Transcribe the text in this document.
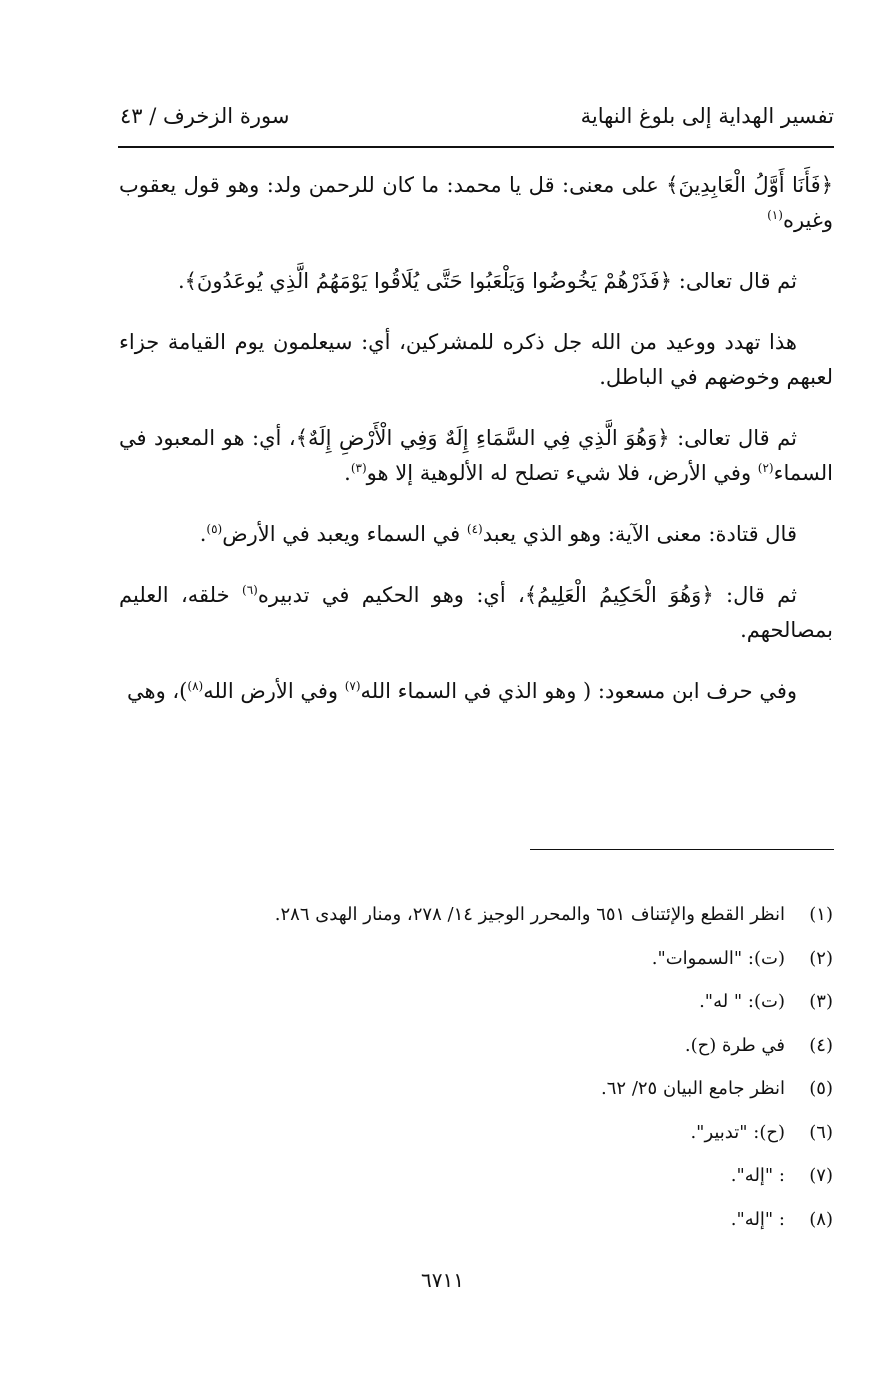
تفسير الهداية إلى بلوغ النهاية
سورة الزخرف / ٤٣

﴿فَأَنَا أَوَّلُ الْعَابِدِينَ﴾ على معنى: قل يا محمد: ما كان للرحمن ولد: وهو قول يعقوب وغيره$^{(١)}$

ثم قال تعالى: ﴿فَذَرْهُمْ يَخُوضُوا وَيَلْعَبُوا حَتَّى يُلَاقُوا يَوْمَهُمُ الَّذِي يُوعَدُونَ﴾.

هذا تهدد ووعيد من الله جل ذكره للمشركين، أي: سيعلمون يوم القيامة جزاء لعبهم وخوضهم في الباطل.

ثم قال تعالى: ﴿وَهُوَ الَّذِي فِي السَّمَاءِ إِلَهٌ وَفِي الْأَرْضِ إِلَهٌ﴾، أي: هو المعبود في السماء$^{(٢)}$ وفي الأرض، فلا شيء تصلح له الألوهية إلا هو$^{(٣)}$.

قال قتادة: معنى الآية: وهو الذي يعبد$^{(٤)}$ في السماء ويعبد في الأرض$^{(٥)}$.

ثم قال: ﴿وَهُوَ الْحَكِيمُ الْعَلِيمُ﴾، أي: وهو الحكيم في تدبيره$^{(٦)}$ خلقه، العليم بمصالحهم.

وفي حرف ابن مسعود: ( وهو الذي في السماء الله$^{(٧)}$ وفي الأرض الله$^{(٨)}$)، وهي

(١)
انظر القطع والإئتناف ٦٥١ والمحرر الوجيز ١٤/ ٢٧٨، ومنار الهدى ٢٨٦.
(٢)
(ت): "السموات".
(٣)
(ت): " له".
(٤)
في طرة (ح).
(٥)
انظر جامع البيان ٢٥/ ٦٢.
(٦)
(ح): "تدبير".
(٧)
: "إله".
(٨)
: "إله".
٦٧١١
